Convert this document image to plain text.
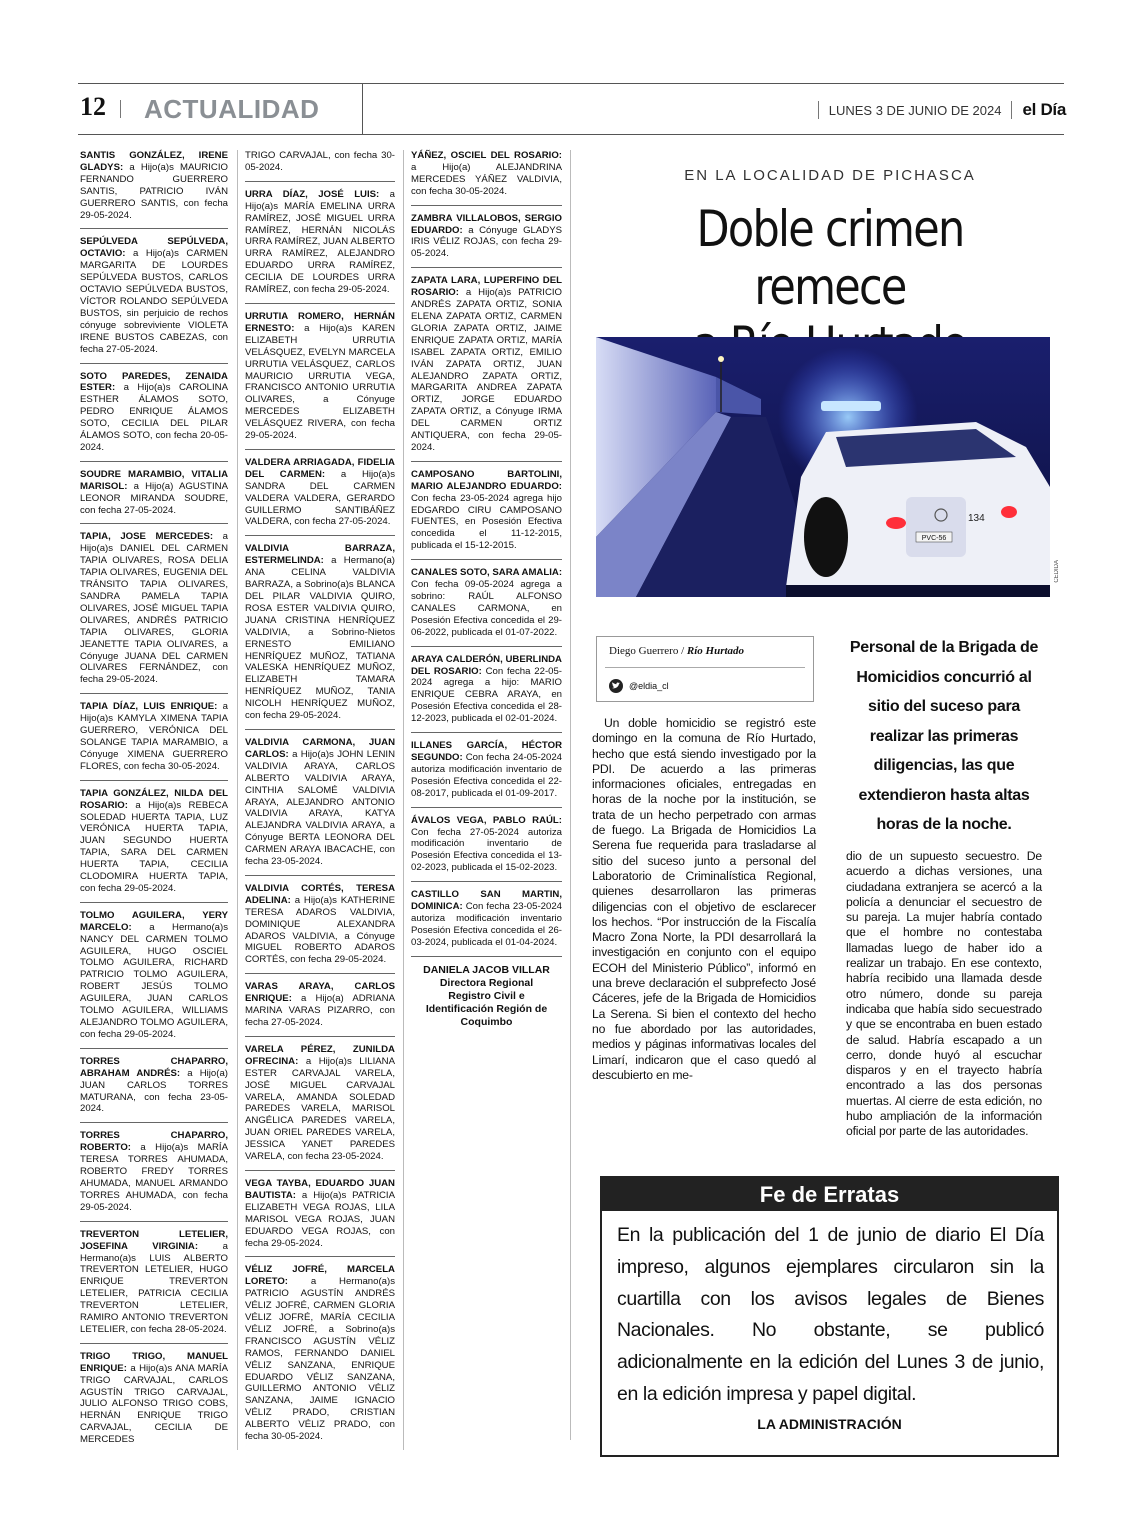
12 ACTUALIDAD	LUNES 3 DE JUNIO DE 2024 el Día
SANTIS GONZÁLEZ, IRENE GLADYS: a Hijo(a)s MAURICIO FERNANDO GUERRERO SANTIS, PATRICIO IVÁN GUERRERO SANTIS, con fecha 29-05-2024.
SEPÚLVEDA SEPÚLVEDA, OCTAVIO: a Hijo(a)s CARMEN MARGARITA DE LOURDES SEPÚLVEDA BUSTOS, CARLOS OCTAVIO SEPÚLVEDA BUSTOS, VÍCTOR ROLANDO SEPÚLVEDA BUSTOS, sin perjuicio de rechos cónyuge sobreviviente VIOLETA IRENE BUSTOS CABEZAS, con fecha 27-05-2024.
SOTO PAREDES, ZENAIDA ESTER: a Hijo(a)s CAROLINA ESTHER ÁLAMOS SOTO, PEDRO ENRIQUE ÁLAMOS SOTO, CECILIA DEL PILAR ÁLAMOS SOTO, con fecha 20-05-2024.
SOUDRE MARAMBIO, VITALIA MARISOL: a Hijo(a) AGUSTINA LEONOR MIRANDA SOUDRE, con fecha 27-05-2024.
TAPIA, JOSE MERCEDES: a Hijo(a)s DANIEL DEL CARMEN TAPIA OLIVARES, ROSA DELIA TAPIA OLIVARES, EUGENIA DEL TRÁNSITO TAPIA OLIVARES, SANDRA PAMELA TAPIA OLIVARES, JOSÉ MIGUEL TAPIA OLIVARES, ANDRÉS PATRICIO TAPIA OLIVARES, GLORIA JEANETTE TAPIA OLIVARES, a Cónyuge JUANA DEL CARMEN OLIVARES FERNÁNDEZ, con fecha 29-05-2024.
TAPIA DÍAZ, LUIS ENRIQUE: a Hijo(a)s KAMYLA XIMENA TAPIA GUERRERO, VERÓNICA DEL SOLANGE TAPIA MARAMBIO, a Cónyuge XIMENA GUERRERO FLORES, con fecha 30-05-2024.
TAPIA GONZÁLEZ, NILDA DEL ROSARIO: a Hijo(a)s REBECA SOLEDAD HUERTA TAPIA, LUZ VERÓNICA HUERTA TAPIA, JUAN SEGUNDO HUERTA TAPIA, SARA DEL CARMEN HUERTA TAPIA, CECILIA CLODOMIRA HUERTA TAPIA, con fecha 29-05-2024.
TOLMO AGUILERA, YERY MARCELO: a Hermano(a)s NANCY DEL CARMEN TOLMO AGUILERA, HUGO OSCIEL TOLMO AGUILERA, RICHARD PATRICIO TOLMO AGUILERA, ROBERT JESÚS TOLMO AGUILERA, JUAN CARLOS TOLMO AGUILERA, WILLIAMS ALEJANDRO TOLMO AGUILERA, con fecha 29-05-2024.
TORRES CHAPARRO, ABRAHAM ANDRÉS: a Hijo(a) JUAN CARLOS TORRES MATURANA, con fecha 23-05-2024.
TORRES CHAPARRO, ROBERTO: a Hijo(a)s MARÍA TERESA TORRES AHUMADA, ROBERTO FREDY TORRES AHUMADA, MANUEL ARMANDO TORRES AHUMADA, con fecha 29-05-2024.
TREVERTON LETELIER, JOSEFINA VIRGINIA: a Hermano(a)s LUIS ALBERTO TREVERTON LETELIER, HUGO ENRIQUE TREVERTON LETELIER, PATRICIA CECILIA TREVERTON LETELIER, RAMIRO ANTONIO TREVERTON LETELIER, con fecha 28-05-2024.
TRIGO TRIGO, MANUEL ENRIQUE: a Hijo(a)s ANA MARÍA TRIGO CARVAJAL, CARLOS AGUSTÍN TRIGO CARVAJAL, JULIO ALFONSO TRIGO COBS, HERNÁN ENRIQUE TRIGO CARVAJAL, CECILIA DE MERCEDES
TRIGO CARVAJAL, con fecha 30-05-2024.
URRA DÍAZ, JOSÉ LUIS: a Hijo(a)s MARÍA EMELINA URRA RAMÍREZ, JOSÉ MIGUEL URRA RAMÍREZ, HERNÁN NICOLÁS URRA RAMÍREZ, JUAN ALBERTO URRA RAMÍREZ, ALEJANDRO EDUARDO URRA RAMÍREZ, CECILIA DE LOURDES URRA RAMÍREZ, con fecha 29-05-2024.
URRUTIA ROMERO, HERNÁN ERNESTO: a Hijo(a)s KAREN ELIZABETH URRUTIA VELÁSQUEZ, EVELYN MARCELA URRUTIA VELÁSQUEZ, CARLOS MAURICIO URRUTIA VEGA, FRANCISCO ANTONIO URRUTIA OLIVARES, a Cónyuge MERCEDES ELIZABETH VELÁSQUEZ RIVERA, con fecha 29-05-2024.
VALDERA ARRIAGADA, FIDELIA DEL CARMEN: a Hijo(a)s SANDRA DEL CARMEN VALDERA VALDERA, GERARDO GUILLERMO SANTIBÁÑEZ VALDERA, con fecha 27-05-2024.
VALDIVIA BARRAZA, ESTERMELINDA: a Hermano(a) ANA CELINA VALDIVIA BARRAZA, a Sobrino(a)s BLANCA DEL PILAR VALDIVIA QUIRO, ROSA ESTER VALDIVIA QUIRO, JUANA CRISTINA HENRÍQUEZ VALDIVIA, a Sobrino-Nietos ERNESTO EMILIANO HENRÍQUEZ MUÑOZ, TATIANA VALESKA HENRÍQUEZ MUÑOZ, ELIZABETH TAMARA HENRÍQUEZ MUÑOZ, TANIA NICOLH HENRÍQUEZ MUÑOZ, con fecha 29-05-2024.
VALDIVIA CARMONA, JUAN CARLOS: a Hijo(a)s JOHN LENIN VALDIVIA ARAYA, CARLOS ALBERTO VALDIVIA ARAYA, CINTHIA SALOMÉ VALDIVIA ARAYA, ALEJANDRO ANTONIO VALDIVIA ARAYA, KATYA ALEJANDRA VALDIVIA ARAYA, a Cónyuge BERTA LEONORA DEL CARMEN ARAYA IBACACHE, con fecha 23-05-2024.
VALDIVIA CORTÉS, TERESA ADELINA: a Hijo(a)s KATHERINE TERESA ADAROS VALDIVIA, DOMINIQUE ALEXANDRA ADAROS VALDIVIA, a Cónyuge MIGUEL ROBERTO ADAROS CORTÉS, con fecha 29-05-2024.
VARAS ARAYA, CARLOS ENRIQUE: a Hijo(a) ADRIANA MARINA VARAS PIZARRO, con fecha 27-05-2024.
VARELA PÉREZ, ZUNILDA OFRECINA: a Hijo(a)s LILIANA ESTER CARVAJAL VARELA, JOSÉ MIGUEL CARVAJAL VARELA, AMANDA SOLEDAD PAREDES VARELA, MARISOL ANGÉLICA PAREDES VARELA, JUAN ORIEL PAREDES VARELA, JESSICA YANET PAREDES VARELA, con fecha 23-05-2024.
VEGA TAYBA, EDUARDO JUAN BAUTISTA: a Hijo(a)s PATRICIA ELIZABETH VEGA ROJAS, LILA MARISOL VEGA ROJAS, JUAN EDUARDO VEGA ROJAS, con fecha 29-05-2024.
VÉLIZ JOFRÉ, MARCELA LORETO: a Hermano(a)s PATRICIO AGUSTÍN ANDRÉS VÉLIZ JOFRÉ, CARMEN GLORIA VÉLIZ JOFRÉ, MARÍA CECILIA VÉLIZ JOFRÉ, a Sobrino(a)s FRANCISCO AGUSTÍN VÉLIZ RAMOS, FERNANDO DANIEL VÉLIZ SANZANA, ENRIQUE EDUARDO VÉLIZ SANZANA, GUILLERMO ANTONIO VÉLIZ SANZANA, JAIME IGNACIO VÉLIZ PRADO, CRISTIAN ALBERTO VÉLIZ PRADO, con fecha 30-05-2024.
YÁÑEZ, OSCIEL DEL ROSARIO: a Hijo(a) ALEJANDRINA MERCEDES YÁÑEZ VALDIVIA, con fecha 30-05-2024.
ZAMBRA VILLALOBOS, SERGIO EDUARDO: a Cónyuge GLADYS IRIS VÉLIZ ROJAS, con fecha 29-05-2024.
ZAPATA LARA, LUPERFINO DEL ROSARIO: a Hijo(a)s PATRICIO ANDRÉS ZAPATA ORTIZ, SONIA ELENA ZAPATA ORTIZ, CARMEN GLORIA ZAPATA ORTIZ, JAIME ENRIQUE ZAPATA ORTIZ, MARÍA ISABEL ZAPATA ORTIZ, EMILIO IVÁN ZAPATA ORTIZ, JUAN ALEJANDRO ZAPATA ORTIZ, MARGARITA ANDREA ZAPATA ORTIZ, JORGE EDUARDO ZAPATA ORTIZ, a Cónyuge IRMA DEL CARMEN ORTIZ ANTIQUERA, con fecha 29-05-2024.
CAMPOSANO BARTOLINI, MARIO ALEJANDRO EDUARDO: Con fecha 23-05-2024 agrega hijo EDGARDO CIRU CAMPOSANO FUENTES, en Posesión Efectiva concedida el 11-12-2015, publicada el 15-12-2015.
CANALES SOTO, SARA AMALIA: Con fecha 09-05-2024 agrega a sobrino: RAÚL ALFONSO CANALES CARMONA, en Posesión Efectiva concedida el 29-06-2022, publicada el 01-07-2022.
ARAYA CALDERÓN, UBERLINDA DEL ROSARIO: Con fecha 22-05-2024 agrega a hijo: MARIO ENRIQUE CEBRA ARAYA, en Posesión Efectiva concedida el 28-12-2023, publicada el 02-01-2024.
ILLANES GARCÍA, HÉCTOR SEGUNDO: Con fecha 24-05-2024 autoriza modificación inventario de Posesión Efectiva concedida el 22-08-2017, publicada el 01-09-2017.
ÁVALOS VEGA, PABLO RAÚL: Con fecha 27-05-2024 autoriza modificación inventario de Posesión Efectiva concedida el 13-02-2023, publicada el 15-02-2023.
CASTILLO SAN MARTIN, DOMINICA: Con fecha 23-05-2024 autoriza modificación inventario Posesión Efectiva concedida el 26-03-2024, publicada el 01-04-2024.
DANIELA JACOB VILLAR
Directora Regional
Registro Civil e
Identificación Región de
Coquimbo
EN LA LOCALIDAD DE PICHASCA
Doble crimen remece
PVC-56
134
CEDIDA
Diego Guerrero / Río Hurtado
@eldia_cl
Un doble homicidio se registró este domingo en la comuna de Río Hurtado, hecho que está siendo investigado por la PDI. De acuerdo a las primeras informaciones oficiales, entregadas en horas de la noche por la institución, se trata de un hecho perpetrado con armas de fuego. La Brigada de Homicidios La Serena fue requerida para trasladarse al sitio del suceso junto a personal del Laboratorio de Criminalística Regional, quienes desarrollaron las primeras diligencias con el objetivo de esclarecer los hechos. “Por instrucción de la Fiscalía Macro Zona Norte, la PDI desarrollará la investigación en conjunto con el equipo ECOH del Ministerio Público”, informó en una breve declaración el subprefecto José Cáceres, jefe de la Brigada de Homicidios La Serena. Si bien el contexto del hecho no fue abordado por las autoridades, medios y páginas informativas locales del Limarí, indicaron que el caso quedó al descubierto en me-
Personal de la Brigada de Homicidios concurrió al sitio del suceso para realizar las primeras diligencias, las que extendieron hasta altas horas de la noche.
dio de un supuesto secuestro. De acuerdo a dichas versiones, una ciudadana extranjera se acercó a la policía a denunciar el secuestro de su pareja. La mujer habría contado que el hombre no contestaba llamadas luego de haber ido a realizar un trabajo. En ese contexto, habría recibido una llamada desde otro número, donde su pareja indicaba que había sido secuestrado y que se encontraba en buen estado de salud. Habría escapado a un cerro, donde huyó al escuchar disparos y en el trayecto habría encontrado a las dos personas muertas. Al cierre de esta edición, no hubo ampliación de la información oficial por parte de las autoridades.
Fe de Erratas
En la publicación del 1 de junio de diario El Día impreso, algunos ejemplares circularon sin la cuartilla con los avisos legales de Bienes Nacionales. No obstante, se publicó adicionalmente en la edición del Lunes 3 de junio, en la edición impresa y papel digital.
LA ADMINISTRACIÓN
